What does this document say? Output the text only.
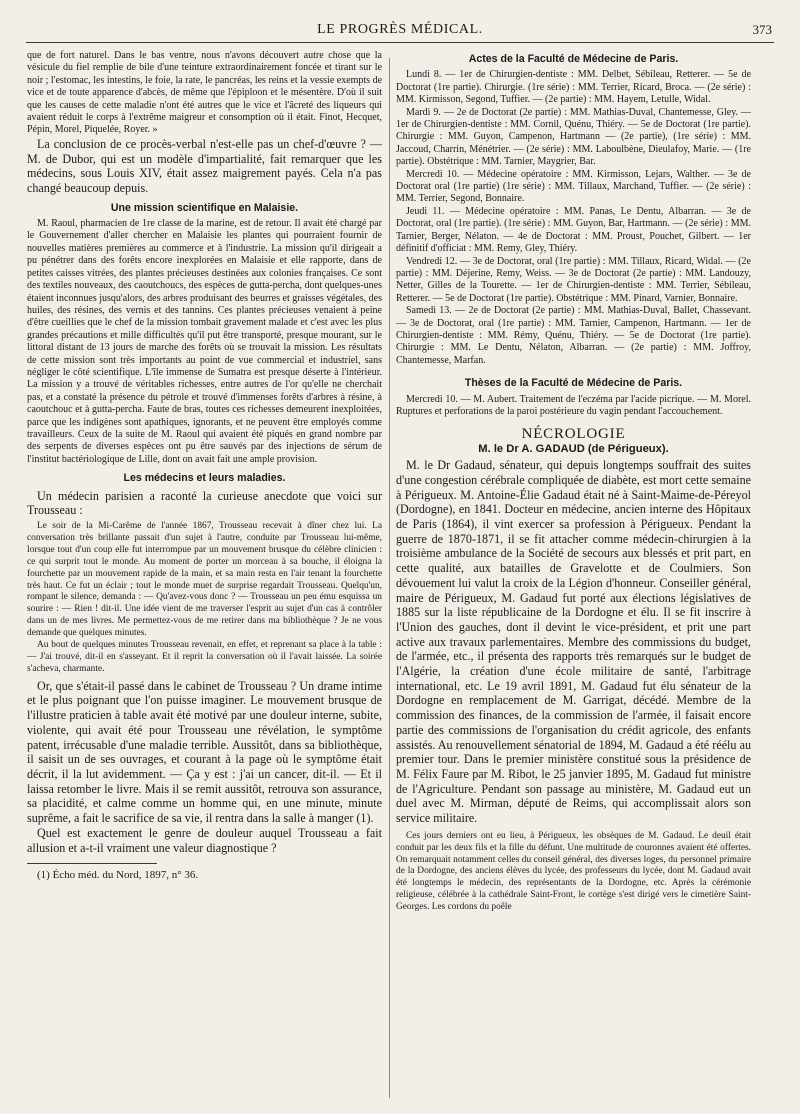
LE PROGRÈS MÉDICAL.	373

que de fort naturel. Dans le bas ventre, nous n'avons découvert autre chose que la vésicule du fiel remplie de bile d'une teinture extraordinairement foncée et tirant sur le noir ; l'estomac, les intestins, le foie, la rate, le pancréas, les reins et la vessie exempts de vice et de toute apparence d'abcès, de même que l'épiploon et le mésentère. D'où il suit que les causes de cette maladie n'ont été autres que le vice et l'âcreté des liqueurs qui avaient réduit le corps à l'extrême maigreur et consomption où il était. Finot, Hecquet, Pépin, Morel, Piquelée, Royer. »

La conclusion de ce procès-verbal n'est-elle pas un chef-d'œuvre ? — M. de Dubor, qui est un modèle d'impartialité, fait remarquer que les médecins, sous Louis XIV, était assez maigrement payés. Cela n'a pas changé beaucoup depuis.

Une mission scientifique en Malaisie.

M. Raoul, pharmacien de 1re classe de la marine, est de retour. Il avait été chargé par le Gouvernement d'aller chercher en Malaisie les plantes qui pourraient fournir de nouvelles matières premières au commerce et à l'industrie. La mission qu'il dirigeait a pu pénétrer dans des forêts encore inexplorées en Malaisie et elle rapporte, dans de petites caisses vitrées, des plantes précieuses destinées aux colonies françaises. Ce sont des textiles nouveaux, des caoutchoucs, des espèces de gutta-percha, dont quelques-unes étaient inconnues jusqu'alors, des arbres produisant des beurres et graisses végétales, des huiles, des résines, des vernis et des tannins. Ces plantes précieuses venaient à peine d'être cueillies que le chef de la mission tombait gravement malade et c'est avec les plus grandes précautions et mille difficultés qu'il put être transporté, presque mourant, sur le littoral distant de 13 jours de marche des forêts où se trouvait la mission. Les résultats de cette mission sont très importants au point de vue commercial et industriel, sans négliger le côté scientifique. L'île immense de Sumatra est presque déserte à l'intérieur. La mission y a trouvé de véritables richesses, entre autres de l'or qu'elle ne cherchait pas, et a constaté la présence du pétrole et trouvé d'immenses forêts d'arbres à résine, à caoutchouc et à gutta-percha. Faute de bras, toutes ces richesses demeurent inexploitées, parce que les indigènes sont apathiques, ignorants, et ne peuvent être employés comme travailleurs. Ceux de la suite de M. Raoul qui avaient été piqués en grand nombre par des serpents de diverses espèces ont pu être sauvés par des injections de sérum de l'institut bactériologique de Lille, dont on avait fait une ample provision.

Les médecins et leurs maladies.

Un médecin parisien a raconté la curieuse anecdote que voici sur Trousseau :

Le soir de la Mi-Carême de l'année 1867, Trousseau recevait à dîner chez lui. La conversation très brillante passait d'un sujet à l'autre, conduite par Trousseau lui-même, lorsque tout d'un coup elle fut interrompue par un mouvement brusque du célèbre clinicien : ce qui surprit tout le monde. Au moment de porter un morceau à sa bouche, il éloigna la fourchette par un mouvement rapide de la main, et sa main resta en l'air tenant la fourchette très haut. Ce fut un éclair ; tout le monde muet de surprise regardait Trousseau. Quelqu'un, rompant le silence, demanda : — Qu'avez-vous donc ? — Trousseau un peu ému esquissa un sourire : — Rien ! dit-il. Une idée vient de me traverser l'esprit au sujet d'un cas à contrôler dans un de mes livres. Me permettez-vous de me retirer dans ma bibliothèque ? Je ne vous demande que quelques minutes.

Au bout de quelques minutes Trousseau revenait, en effet, et reprenant sa place à la table : — J'ai trouvé, dit-il en s'asseyant. Et il reprit la conversation où il l'avait laissée. La soirée s'acheva, charmante.

Or, que s'était-il passé dans le cabinet de Trousseau ? Un drame intime et le plus poignant que l'on puisse imaginer. Le mouvement brusque de l'illustre praticien à table avait été motivé par une douleur interne, subite, violente, qui avait été pour Trousseau une révélation, le symptôme patent, irrécusable d'une maladie terrible. Aussitôt, dans sa bibliothèque, il saisit un de ses ouvrages, et courant à la page où le symptôme était décrit, il la lut avidemment. — Ça y est : j'ai un cancer, dit-il. — Et il laissa retomber le livre. Mais il se remit aussitôt, retrouva son assurance, sa placidité, et calme comme un homme qui, en une minute, minute suprême, a fait le sacrifice de sa vie, il rentra dans la salle à manger (1).

Quel est exactement le genre de douleur auquel Trousseau a fait allusion et a-t-il vraiment une valeur diagnostique ?

(1) Écho méd. du Nord, 1897, n° 36.

Actes de la Faculté de Médecine de Paris.

Lundi 8. — 1er de Chirurgien-dentiste : MM. Delbet, Sébileau, Retterer. — 5e de Doctorat (1re partie). Chirurgie. (1re série) : MM. Terrier, Ricard, Broca. — (2e série) : MM. Kirmisson, Segond, Tuffier. — (2e partie) : MM. Hayem, Letulle, Widal.

Mardi 9. — 2e de Doctorat (2e partie) : MM. Mathias-Duval, Chantemesse, Gley. — 1er de Chirurgien-dentiste : MM. Cornil, Quénu, Thiéry. — 5e de Doctorat (1re partie). Chirurgie : MM. Guyon, Campenon, Hartmann — (2e partie), (1re série) : MM. Jaccoud, Charrin, Ménétrier. — (2e série) : MM. Laboulbène, Dieulafoy, Marie. — (1re partie). Obstétrique : MM. Tarnier, Maygrier, Bar.

Mercredi 10. — Médecine opératoire : MM. Kirmisson, Lejars, Walther. — 3e de Doctorat oral (1re partie) (1re série) : MM. Tillaux, Marchand, Tuffier. — (2e série) : MM. Terrier, Segond, Bonnaire.

Jeudi 11. — Médecine opératoire : MM. Panas, Le Dentu, Albarran. — 3e de Doctorat, oral (1re partie). (1re série) : MM. Guyon, Bar, Hartmann. — (2e série) : MM. Tarnier, Berger, Nélaton. — 4e de Doctorat : MM. Proust, Pouchet, Gilbert. — 1er définitif d'officiat : MM. Remy, Gley, Thiéry.

Vendredi 12. — 3e de Doctorat, oral (1re partie) : MM. Tillaux, Ricard, Widal. — (2e partie) : MM. Déjerine, Remy, Weiss. — 3e de Doctorat (2e partie) : MM. Landouzy, Netter, Gilles de la Tourette. — 1er de Chirurgien-dentiste : MM. Terrier, Sébileau, Retterer. — 5e de Doctorat (1re partie). Obstétrique : MM. Pinard, Varnier, Bonnaire.

Samedi 13. — 2e de Doctorat (2e partie) : MM. Mathias-Duval, Ballet, Chassevant. — 3e de Doctorat, oral (1re partie) : MM. Tarnier, Campenon, Hartmann. — 1er de Chirurgien-dentiste : MM. Rémy, Quénu, Thiéry. — 5e de Doctorat (1re partie). Chirurgie : MM. Le Dentu, Nélaton, Albarran. — (2e partie) : MM. Joffroy, Chantemesse, Marfan.

Thèses de la Faculté de Médecine de Paris.

Mercredi 10. — M. Aubert. Traitement de l'eczéma par l'acide picrique. — M. Morel. Ruptures et perforations de la paroi postérieure du vagin pendant l'accouchement.

NÉCROLOGIE
M. le Dr A. GADAUD (de Périgueux).

M. le Dr Gadaud, sénateur, qui depuis longtemps souffrait des suites d'une congestion cérébrale compliquée de diabète, est mort cette semaine à Périgueux. M. Antoine-Élie Gadaud était né à Saint-Maime-de-Péreyol (Dordogne), en 1841. Docteur en médecine, ancien interne des Hôpitaux de Paris (1864), il vint exercer sa profession à Périgueux. Pendant la guerre de 1870-1871, il se fit attacher comme médecin-chirurgien à la troisième ambulance de la Société de secours aux blessés et prit part, en cette qualité, aux batailles de Gravelotte et de Coulmiers. Son dévouement lui valut la croix de la Légion d'honneur. Conseiller général, maire de Périgueux, M. Gadaud fut porté aux élections législatives de 1885 sur la liste républicaine de la Dordogne et élu. Il se fit inscrire à l'Union des gauches, dont il devint le vice-président, et prit une part active aux travaux parlementaires. Membre des commissions du budget, de l'armée, etc., il présenta des rapports très remarqués sur le budget de l'Algérie, la création d'une école militaire de santé, l'arbitrage international, etc. Le 19 avril 1891, M. Gadaud fut élu sénateur de la Dordogne en remplacement de M. Garrigat, décédé. Membre de la commission des finances, de la commission de l'armée, il faisait encore partie des commissions de l'organisation du crédit agricole, des enfants assistés. Au renouvellement sénatorial de 1894, M. Gadaud a été réélu au premier tour. Dans le premier ministère constitué sous la présidence de M. Félix Faure par M. Ribot, le 25 janvier 1895, M. Gadaud fut ministre de l'Agriculture. Pendant son passage au ministère, M. Gadaud eut un duel avec M. Mirman, député de Reims, qui accomplissait alors son service militaire.

Ces jours derniers ont eu lieu, à Périgueux, les obsèques de M. Gadaud. Le deuil était conduit par les deux fils et la fille du défunt. Une multitude de couronnes avaient été offertes. On remarquait notamment celles du conseil général, des diverses loges, du personnel primaire de la Dordogne, des anciens élèves du lycée, des professeurs du lycée, dont M. Gadaud avait été longtemps le médecin, des représentants de la Dordogne, etc. Après la cérémonie religieuse, célébrée à la cathédrale Saint-Front, le cortège s'est dirigé vers le cimetière Saint-Georges. Les cordons du poêle
